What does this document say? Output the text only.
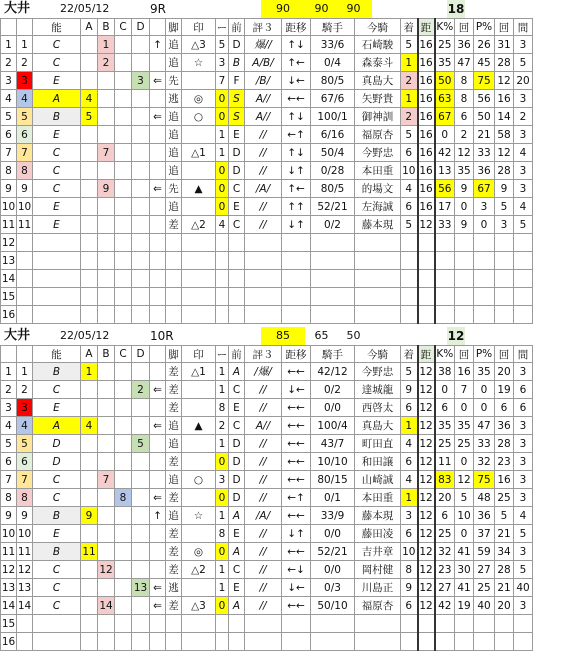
大井	22/05/12	9R	90	90	90	18
		能	A	B	C	D		脚	印	ー	前	評３	距移	騎手	今騎	着	距	K%	回	P%	回	間
1	1	C		1			↑	追	△3	5	D	爆//	↑↓	33/6	石崎駿	5	16	25	36	26	31	3
2	2	C		2				追	☆	3	B	A/B/	↑←	0/4	森泰斗	1	16	35	47	45	28	5
3	3	E				3	⇐	先		7	F	/B/	↓←	80/5	真島大	2	16	50	8	75	12	20
4	4	A	4					逃	◎	0	S	A//	←←	67/6	矢野貴	1	16	63	8	56	16	3
5	5	B	5				⇐	追	○	0	S	A//	↑↓	100/1	御神訓	2	16	67	6	50	14	2
6	6	E						追		1	E	//	←↑	6/16	福原杏	5	16	0	2	21	58	3
7	7	C		7				追	△1	1	D	//	↑↓	50/4	今野忠	6	16	42	12	33	12	4
8	8	C						追		0	D	//	↓↑	0/28	本田重	10	16	13	35	36	28	3
9	9	C		9			⇐	先	▲	0	C	/A/	↑←	80/5	的場文	4	16	56	9	67	9	3
10	10	E						追		0	E	//	↑↑	52/21	左海誠	6	16	17	0	3	5	4
11	11	E						差	△2	4	C	//	↓↑	0/2	藤本現	5	12	33	9	0	3	5
12																						
13																						
14																						
15																						
16																						
大井	22/05/12	10R	85	65	50	12
		能	A	B	C	D		脚	印	ー	前	評３	距移	騎手	今騎	着	距	K%	回	P%	回	間
1	1	B	1					差	△1	1	A	/爆/	←←	42/12	今野忠	5	12	38	16	35	20	3
2	2	C				2	⇐	差		1	C	//	↓←	0/2	達城龍	9	12	0	7	0	19	6
3	3	E						差		8	E	//	←←	0/0	西啓太	6	12	6	0	0	6	6
4	4	A	4				⇐	追	▲	2	C	A//	←←	100/4	真島大	1	12	35	35	47	36	3
5	5	D				5		追		1	D	//	←←	43/7	町田直	4	12	25	25	33	28	3
6	6	D						差		0	D	//	←←	10/10	和田譲	6	12	11	0	32	23	3
7	7	C		7				追	○	3	D	//	←←	80/15	山崎誠	4	12	83	12	75	16	3
8	8	C			8		⇐	差		0	D	//	←↑	0/1	本田重	1	12	20	5	48	25	3
9	9	B	9				↑	追	☆	1	A	/A/	←←	33/9	藤本現	3	12	6	10	36	5	4
10	10	E						差		8	E	//	↓↑	0/0	藤田凌	6	12	25	0	37	21	5
11	11	B	11					差	◎	0	A	//	←←	52/21	吉井章	10	12	32	41	59	34	3
12	12	C		12				差	△2	1	C	//	←↓	0/0	岡村健	8	12	23	30	27	28	5
13	13	C				13	⇐	逃		1	E	//	↓←	0/3	川島正	9	12	27	41	25	21	40
14	14	C		14			⇐	差	△3	0	A	//	←←	50/10	福原杏	6	12	42	19	40	20	3
15																						
16																						
